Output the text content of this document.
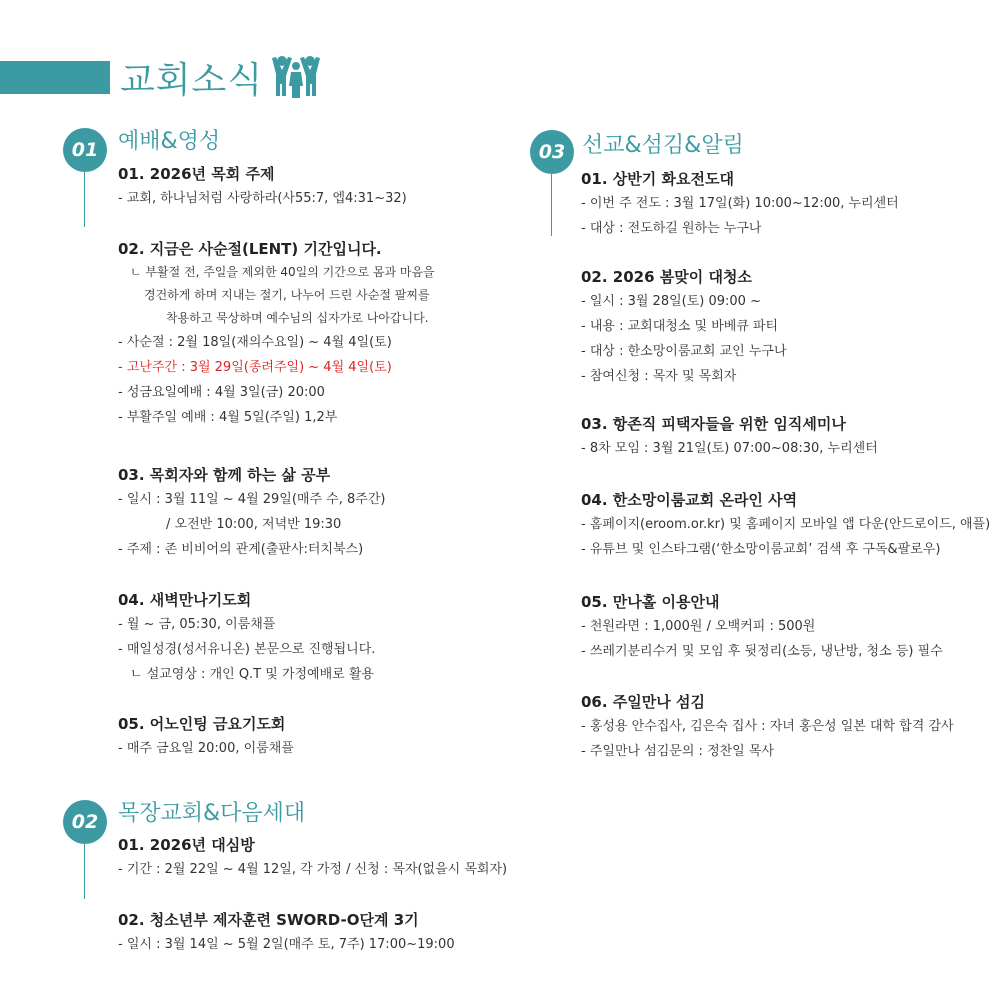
교회소식
01 예배&영성
01. 2026년 목회 주제
- 교회, 하나님처럼 사랑하라(사55:7, 엡4:31~32)
02. 지금은 사순절(LENT) 기간입니다.
ㄴ 부활절 전, 주일을 제외한 40일의 기간으로 몸과 마음을
경건하게 하며 지내는 절기, 나누어 드린 사순절 팔찌를
착용하고 묵상하며 예수님의 십자가로 나아갑니다.
- 사순절 : 2월 18일(재의수요일) ~ 4월 4일(토)
- 고난주간 : 3월 29일(종려주일) ~ 4월 4일(토)
- 성금요일예배 : 4월 3일(금) 20:00
- 부활주일 예배 : 4월 5일(주일) 1,2부
03. 목회자와 함께 하는 삶 공부
- 일시 : 3월 11일 ~ 4월 29일(매주 수, 8주간)
/ 오전반 10:00, 저녁반 19:30
- 주제 : 존 비비어의 관계(출판사:터치북스)
04. 새벽만나기도회
- 월 ~ 금, 05:30, 이룸채플
- 매일성경(성서유니온) 본문으로 진행됩니다.
ㄴ 설교영상 : 개인 Q.T 및 가정예배로 활용
05. 어노인팅 금요기도회
- 매주 금요일 20:00, 이룸채플
02 목장교회&다음세대
01. 2026년 대심방
- 기간 : 2월 22일 ~ 4월 12일, 각 가정 / 신청 : 목자(없을시 목회자)
02. 청소년부 제자훈련 SWORD-O단계 3기
- 일시 : 3월 14일 ~ 5월 2일(매주 토, 7주) 17:00~19:00
03 선교&섬김&알림
01. 상반기 화요전도대
- 이번 주 전도 : 3월 17일(화) 10:00~12:00, 누리센터
- 대상 : 전도하길 원하는 누구나
02. 2026 봄맞이 대청소
- 일시 : 3월 28일(토) 09:00 ~
- 내용 : 교회대청소 및 바베큐 파티
- 대상 : 한소망이룸교회 교인 누구나
- 참여신청 : 목자 및 목회자
03. 항존직 피택자들을 위한 임직세미나
- 8차 모임 : 3월 21일(토) 07:00~08:30, 누리센터
04. 한소망이룸교회 온라인 사역
- 홈페이지(eroom.or.kr) 및 홈페이지 모바일 앱 다운(안드로이드, 애플)
- 유튜브 및 인스타그램(‘한소망이룸교회’ 검색 후 구독&팔로우)
05. 만나홀 이용안내
- 천원라면 : 1,000원 / 오백커피 : 500원
- 쓰레기분리수거 및 모임 후 뒷정리(소등, 냉난방, 청소 등) 필수
06. 주일만나 섬김
- 홍성용 안수집사, 김은숙 집사 : 자녀 홍은성 일본 대학 합격 감사
- 주일만나 섬김문의 : 정찬일 목사
